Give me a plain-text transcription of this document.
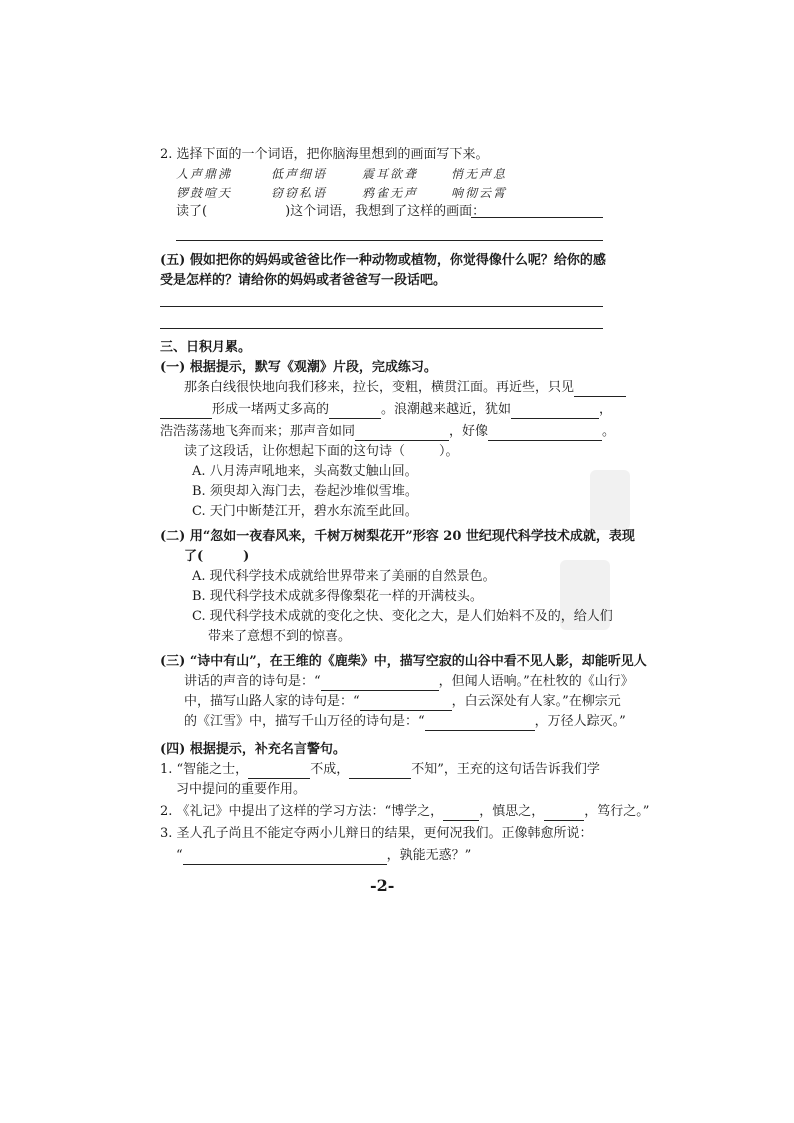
2. 选择下面的一个词语，把你脑海里想到的画面写下来。
人声鼎沸	低声细语	震耳欲聋	悄无声息
锣鼓喧天	窃窃私语	鸦雀无声	响彻云霄
读了(	)这个词语，我想到了这样的画面：
(五) 假如把你的妈妈或爸爸比作一种动物或植物，你觉得像什么呢？给你的感
受是怎样的？请给你的妈妈或者爸爸写一段话吧。
三、日积月累。
(一) 根据提示，默写《观潮》片段，完成练习。
那条白线很快地向我们移来，拉长，变粗，横贯江面。再近些，只见
形成一堵两丈多高的	。浪潮越来越近，犹如	，
浩浩荡荡地飞奔而来；那声音如同	，好像	。
读了这段话，让你想起下面的这句诗（	）。
A. 八月涛声吼地来，头高数丈触山回。
B. 须臾却入海门去，卷起沙堆似雪堆。
C. 天门中断楚江开，碧水东流至此回。
(二) 用“忽如一夜春风来，千树万树梨花开”形容 20 世纪现代科学技术成就，表现
了(	)
A. 现代科学技术成就给世界带来了美丽的自然景色。
B. 现代科学技术成就多得像梨花一样的开满枝头。
C. 现代科学技术成就的变化之快、变化之大，是人们始料不及的，给人们
带来了意想不到的惊喜。
(三) “诗中有山”，在王维的《鹿柴》中，描写空寂的山谷中看不见人影，却能听见人
讲话的声音的诗句是：“	，但闻人语响。”在杜牧的《山行》
中，描写山路人家的诗句是：“	，白云深处有人家。”在柳宗元
的《江雪》中，描写千山万径的诗句是：“	，万径人踪灭。”
(四) 根据提示，补充名言警句。
1. “智能之士，	不成，	不知”，王充的这句话告诉我们学
习中提问的重要作用。
2. 《礼记》中提出了这样的学习方法：“博学之，	，慎思之，	，笃行之。”
3. 圣人孔子尚且不能定夺两小儿辩日的结果，更何况我们。正像韩愈所说：
“	，孰能无惑？”
-2-
